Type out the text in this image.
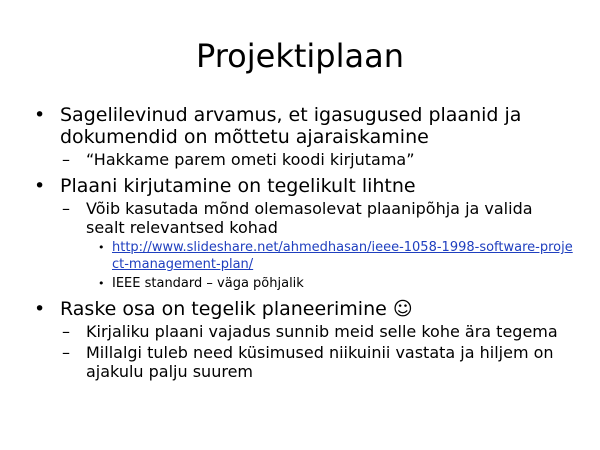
Projektiplaan
• Sagelilevinud arvamus, et igasugused plaanid ja dokumendid on mõttetu ajaraiskamine
– “Hakkame parem ometi koodi kirjutama”
• Plaani kirjutamine on tegelikult lihtne
– Võib kasutada mõnd olemasolevat plaanipõhja ja valida sealt relevantsed kohad
• http://www.slideshare.net/ahmedhasan/ieee-1058-1998-software-project-management-plan/
• IEEE standard – väga põhjalik
• Raske osa on tegelik planeerimine ☺
– Kirjaliku plaani vajadus sunnib meid selle kohe ära tegema
– Millalgi tuleb need küsimused niikuinii vastata ja hiljem on ajakulu palju suurem
